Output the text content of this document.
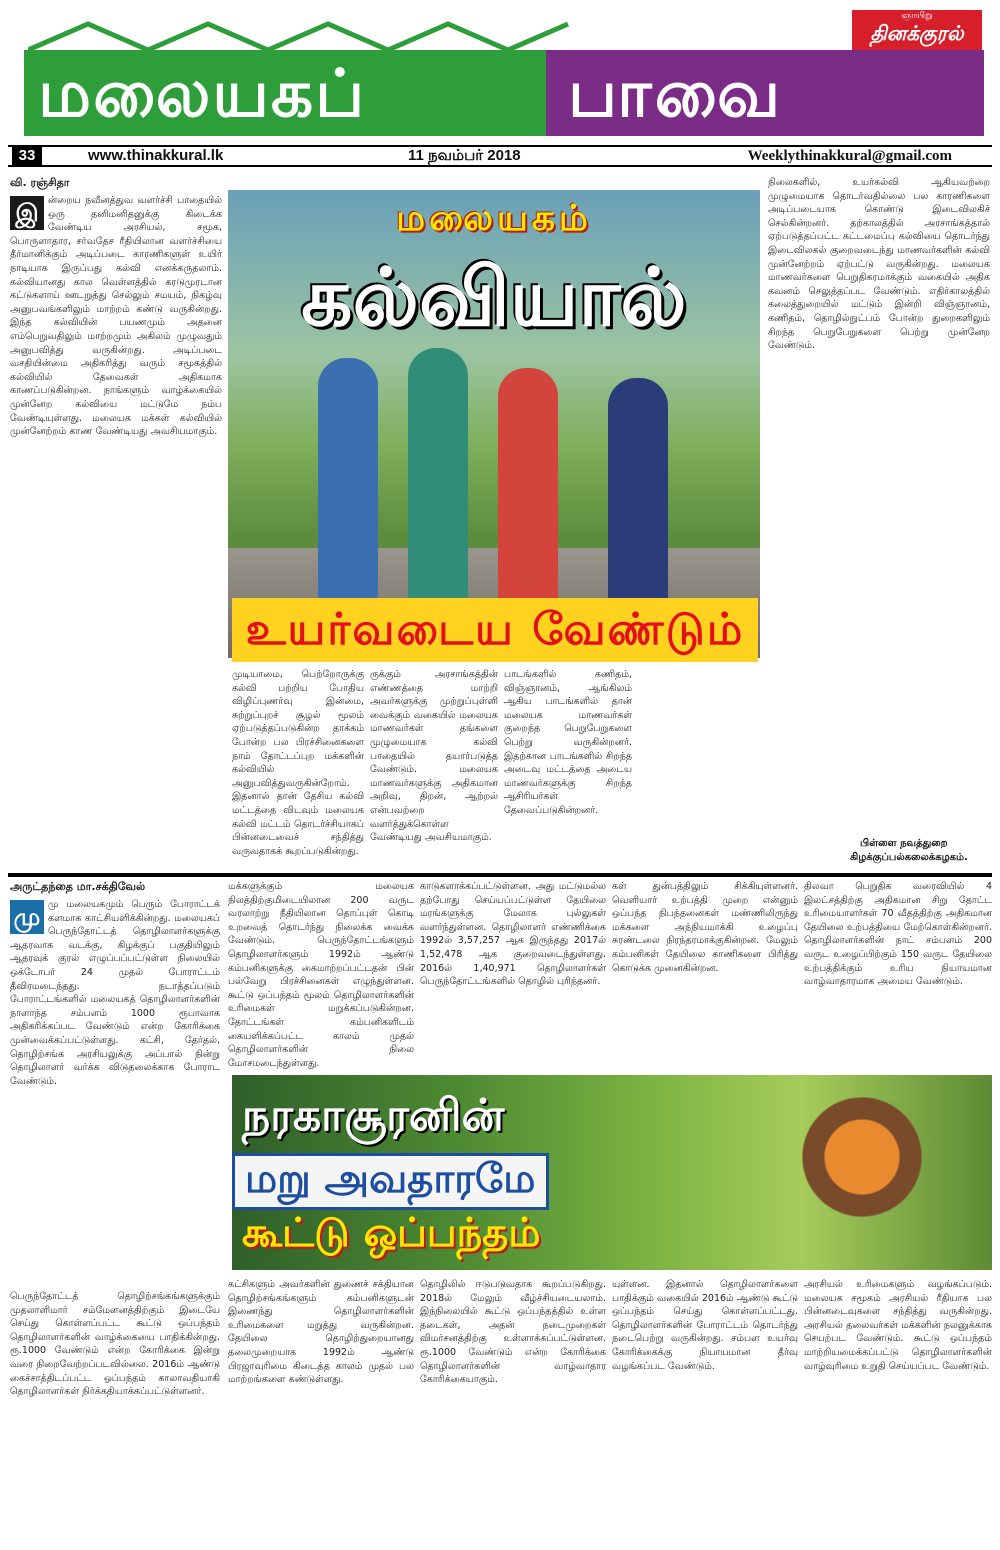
மலையகப்	பாவை
ஞாயிறு
தினக்குரல்
33	www.thinakkural.lk	11 நவம்பர் 2018	Weeklythinakkural@gmail.com
வி. ரஞ்சிதா
இ ன்றைய நவீனத்துவ வளர்ச்சி பாதையில் ஒரு தனிமனிதனுக்கு கிடைக்க வேண்டிய அரசியல், சமூக, பொருளாதார, சர்வதேச ரீதியிலான வளர்ச்சியை தீர்மானிக்கும் அடிப்படை காரணிகளுள் உயிர் நாடியாக இருப்பது கல்வி எனக்கருதலாம். கல்வியானது கால வெள்ளத்தில் கரடுமுரடான கட்டுகளாய் ஊடறுத்து செல்லும் சமயம், நிகழ்வு அனுபவங்களிலும் மாற்றம் கண்டு வருகின்றது. இந்த கல்வியின் பயணமும் அதனை எம்பெறுவதிலும் மாற்றமும் அகிலம் முழுவதும் அனுபவித்து வருகின்றது. அடிப்படை வசதியின்மை அதிகரித்து வரும் சமூகத்தில் கல்வியில் தேவைகள் அதிகமாக காணப்படுகின்றன. நாங்களும் வாழ்க்கையில் முன்னேற கல்வியை மட்டுமே நம்ப வேண்டியுள்ளது. மலையக மக்கள் கல்வியில் முன்னேற்றம் காண வேண்டியது அவசியமாகும்.
மலையகம்
கல்வியால்
உயர்வடைய வேண்டும்
முடியாமை, பெற்றோருக்கு கல்வி பற்றிய போதிய விழிப்புணர்வு இன்மை, சுற்றுப்புறச் சூழல் மூலம் ஏற்படுத்தப்படுகின்ற தாக்கம் போன்ற பல பிரச்சினைகளை நாம் தோட்டப்புற மக்களின் கல்வியில் அனுபவித்துவருகின்றோம். இதனால் தான் தேசிய கல்வி மட்டத்தை விடவும் மலையக கல்வி மட்டம் தொடர்ச்சியாகப் பின்னடைவைச் சந்தித்து வருவதாகக் கூறப்படுகின்றது.
ருக்கும் அரசாங்கத்தின் எண்ணத்தை மாற்றி அவர்களுக்கு முற்றுப்புள்ளி வைக்கும் வகையில் மலையக மாணவர்கள் தங்களை முழுமையாக கல்வி பாதையில் தயார்படுத்த வேண்டும். மலையக மாணவர்களுக்கு அதிகமான அறிவு, திறன், ஆற்றல் என்பவற்றை வளர்த்துக்கொள்ள வேண்டியது அவசியமாகும்.
பாடங்களில் கணிதம், விஞ்ஞானம், ஆங்கிலம் ஆகிய பாடங்களில் தான் மலையக மாணவர்கள் குறைந்த பெறுபேறுகளை பெற்று வருகின்றனர். இதற்கான பாடங்களில் சிறந்த அடைவு மட்டத்தை அடைய மாணவர்களுக்கு சிறந்த ஆசிரியர்கள் தேவைப்படுகின்றனர்.
நிலைகளில், உயர்கல்வி ஆகியவற்றை முழுமையாக தொடர்வதில்லை பல காரணிகளை அடிப்படையாக கொண்டு இடைவிலகிச் செல்கின்றனர். தற்காலத்தில் அரசாங்கத்தால் ஏற்படுத்தப்பட்ட கட்டமைப்பு கல்வியை தொடர்ந்து இடைவிலகல் குறைவடைந்து மாணவர்களின் கல்வி முன்னேற்றம் ஏற்பட்டு வருகின்றது. மலையக மாணவர்களை பெறுதிகரமாக்கும் வகையில் அதிக கவனம் செலுத்தப்பட வேண்டும். எதிர்காலத்தில் கலைத்துறையில் மட்டும் இன்றி விஞ்ஞானம், கணிதம், தொழில்நுட்பம் போன்ற துறைகளிலும் சிறந்த பெறுபேறுகளை பெற்று முன்னேற வேண்டும்.
பிள்ளை நவத்துறை
கிழக்குப்பல்கலைக்கழகம்.
அருட்தந்தை மா.சக்திவேல்
மு மு மலையகமும் பெரும் போராட்டக் களமாக காட்சியளிக்கின்றது. மலையகப் பெருந்தோட்டத் தொழிலாளர்களுக்கு ஆதரவாக வடக்கு, கிழக்குப் பகுதியிலும் ஆதரவுக் குரல் எழுப்பப்பட்டுள்ள நிலையில் ஒக்டோபர் 24 முதல் போராட்டம் தீவிரமடைந்தது. நடாத்தப்படும் போராட்டங்களில் மலையகத் தொழிலாளர்களின் நாளாந்த சம்பளம் 1000 ரூபாவாக அதிகரிக்கப்பட வேண்டும் என்ற கோரிக்கை முன்வைக்கப்பட்டுள்ளது. கட்சி, தேர்தல், தொழிற்சங்க அரசியலுக்கு அப்பால் நின்று தொழிலாளர் வர்க்க விடுதலைக்காக போராட வேண்டும்.
மக்களுக்கும் மலையக நிலத்திற்குமிடையிலான 200 வருட வரலாற்று நீதியிலான தொப்புள் கொடி உறவைத் தொடர்ந்து நிலைக்க வைக்க வேண்டும். பெருந்தோட்டங்களும் தொழிலாளர்களும் 1992ம் ஆண்டு கம்பனிகளுக்கு கைமாற்றப்பட்டதன் பின் பல்வேறு பிரச்சினைகள் எழுந்துள்ளன. கூட்டு ஒப்பந்தம் மூலம் தொழிலாளர்களின் உரிமைகள் மறுக்கப்படுகின்றன. தோட்டங்கள் கம்பனிகளிடம் கையளிக்கப்பட்ட காலம் முதல் தொழிலாளர்களின் நிலை மோசமடைந்துள்ளது.
காடுகளாக்கப்பட்டுள்ளன. அது மட்டுமல்ல தற்போது செய்யப்பட்டுள்ள தேயிலை மரங்களுக்கு மேலாக புல்லுகள் வளர்ந்துள்ளன. தொழிலாளர் எண்ணிக்கை 1992ல் 3,57,257 ஆக இருந்தது 2017ல் 1,52,478 ஆக குறைவடைந்துள்ளது. 2016ல் 1,40,971 தொழிலாளர்கள் பெருந்தோட்டங்களில் தொழில் புரிந்தனர்.
கள் துன்பத்திலும் சிக்கியுள்ளனர். வெளியார் உற்பத்தி முறை என்னும் ஒப்பந்த நிபந்தனைகள் மண்ணிலிருந்து மக்களை அந்நியமாக்கி உழைப்பு சுரண்டலை நிரந்தரமாக்குகின்றன. மேலும் கம்பனிகள் தேயிலை காணிகளை பிரித்து கொடுக்க முனைகின்றன.
திலவா பெறுதிக வரைவியில் 4 இலட்சத்திற்கு அதிகமான சிறு தோட்ட உரிமையாளர்கள் 70 வீதத்திற்கு அதிகமான தேயிலை உற்பத்தியை மேற்கொள்கின்றனர். தொழிலாளர்களின் நாட் சம்பளம் 200 வருட உழைப்பிற்கும் 150 வருட தேயிலை உற்பத்திக்கும் உரிய நியாயமான வாழ்வாதாரமாக அமைய வேண்டும்.
நரகாசூரனின்
மறு அவதாரமே
கூட்டு ஒப்பந்தம்
பெருந்தோட்டத் தொழிற்சங்கங்களுக்கும் முதலாளிமார் சம்மேளனத்திற்கும் இடையே செய்து கொள்ளப்பட்ட கூட்டு ஒப்பந்தம் தொழிலாளர்களின் வாழ்க்கையை பாதிக்கின்றது. ரூ.1000 வேண்டும் என்ற கோரிக்கை இன்று வரை நிறைவேற்றப்படவில்லை. 2016ம் ஆண்டு கைச்சாத்திடப்பட்ட ஒப்பந்தம் காலாவதியாகி தொழிலாளர்கள் நிர்க்கதியாக்கப்பட்டுள்ளனர்.
கட்சிகளும் அவர்களின் துணைச் சக்தியான தொழிற்சங்கங்களும் கம்பனிகளுடன் இணைந்து தொழிலாளர்களின் உரிமைகளை மறுத்து வருகின்றன. தேயிலை தொழிற்துறையானது தலைமுறையாக 1992ம் ஆண்டு பிரஜாவுரிமை கிடைத்த காலம் முதல் பல மாற்றங்களை கண்டுள்ளது.
தொழிலில் ஈடுபடுவதாக கூறப்படுகிறது. 2018ல் மேலும் வீழ்ச்சியடையலாம். இந்நிலையில் கூட்டு ஒப்பந்தத்தில் உள்ள தடைகள், அதன் நடைமுறைகள் விமர்சனத்திற்கு உள்ளாக்கப்பட்டுள்ளன. ரூ.1000 வேண்டும் என்ற கோரிக்கை தொழிலாளர்களின் வாழ்வாதார கோரிக்கையாகும்.
யுள்ளன. இதனால் தொழிலாளர்களை பாதிக்கும் வகையில் 2016ம் ஆண்டு கூட்டு ஒப்பந்தம் செய்து கொள்ளப்பட்டது. தொழிலாளர்களின் போராட்டம் தொடர்ந்து நடைபெற்று வருகின்றது. சம்பள உயர்வு கோரிக்கைக்கு நியாயமான தீர்வு வழங்கப்பட வேண்டும்.
அரசியல் உரிமைகளும் வழங்கப்படும். மலையக சமூகம் அரசியல் ரீதியாக பல பின்னடைவுகளை சந்தித்து வருகின்றது. அரசியல் தலைவர்கள் மக்களின் நலனுக்காக செயற்பட வேண்டும். கூட்டு ஒப்பந்தம் மாற்றியமைக்கப்பட்டு தொழிலாளர்களின் வாழ்வுரிமை உறுதி செய்யப்பட வேண்டும்.
